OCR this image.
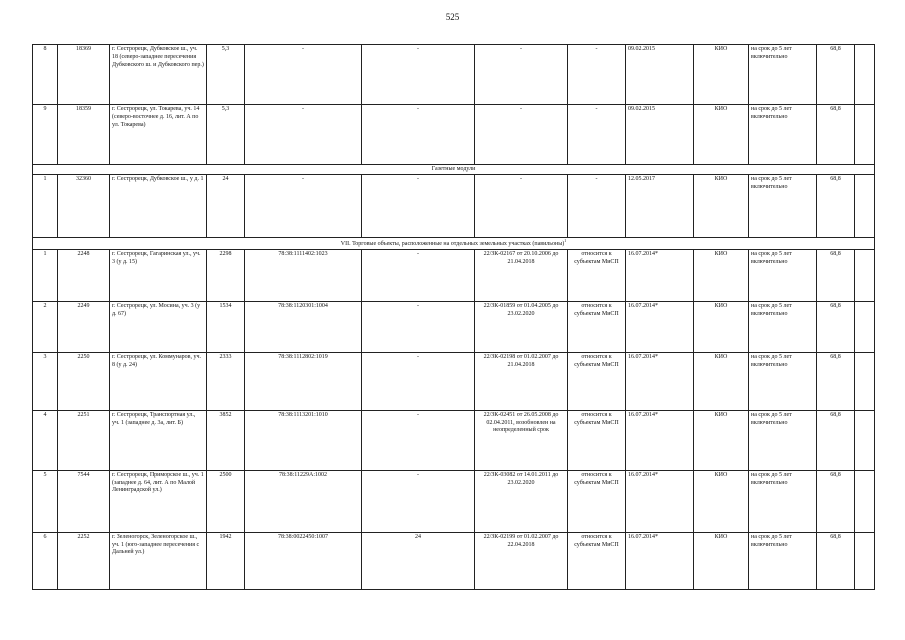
525
8	18369	г. Сестрорецк, Дубковское ш., уч. 18 (северо-западнее пересечения Дубковского ш. и Дубковского пер.)	5,3	-	-	-	-	09.02.2015	КИО	на срок до 5 лет включительно	68,8	
9	18359	г. Сестрорецк, ул. Токарева, уч. 14 (северо-восточнее д. 16, лит. А по ул. Токарева)	5,3	-	-	-	-	09.02.2015	КИО	на срок до 5 лет включительно	68,8	
Газетные модули												
1	32360	г. Сестрорецк, Дубковское ш., у д. 1	24	-	-	-	-	12.05.2017	КИО	на срок до 5 лет включительно	68,8	
VII. Торговые объекты, расположенные на отдельных земельных участках (павильоны)$^1$
1	2248	г. Сестрорецк, Гагаринская ул., уч. 3 (у д. 15)	2298	78:38:1111402:1023	-	22/ЗК-02167 от 20.10.2006 до 21.04.2018	относится к субъектам МиСП	16.07.2014*	КИО	на срок до 5 лет включительно	68,8	
2	2249	г. Сестрорецк, ул. Мосина, уч. 3 (у д. 67)	1534	78:38:1120301:1004	-	22/ЗК-01859 от 01.04.2005 до 23.02.2020	относится к субъектам МиСП	16.07.2014*	КИО	на срок до 5 лет включительно	68,8	
3	2250	г. Сестрорецк, ул. Коммунаров, уч. 8 (у д. 24)	2333	78:38:1112802:1019	-	22/ЗК-02198 от 01.02.2007 до 21.04.2018	относится к субъектам МиСП	16.07.2014*	КИО	на срок до 5 лет включительно	68,8	
4	2251	г. Сестрорецк, Транспортная ул., уч. 1 (западнее д. 3а, лит. Б)	3852	78:38:1113201:1010	-	22/ЗК-02451 от 26.05.2008 до 02.04.2011, возобновлен на неопределенный срок	относится к субъектам МиСП	16.07.2014*	КИО	на срок до 5 лет включительно	68,8	
5	7544	г. Сестрорецк, Приморское ш., уч. 1 (западнее д. 64, лит. А по Малой Ленинградской ул.)	2500	78:38:11229А:1002	-	22/ЗК-03082 от 14.01.2011 до 23.02.2020	относится к субъектам МиСП	16.07.2014*	КИО	на срок до 5 лет включительно	68,8	
6	2252	г. Зеленогорск, Зеленогорское ш., уч. 1 (юго-западнее пересечения с Дальней ул.)	1942	78:38:0022450:1007	24	22/ЗК-02199 от 01.02.2007 до 22.04.2018	относится к субъектам МиСП	16.07.2014*	КИО	на срок до 5 лет включительно	68,8	
